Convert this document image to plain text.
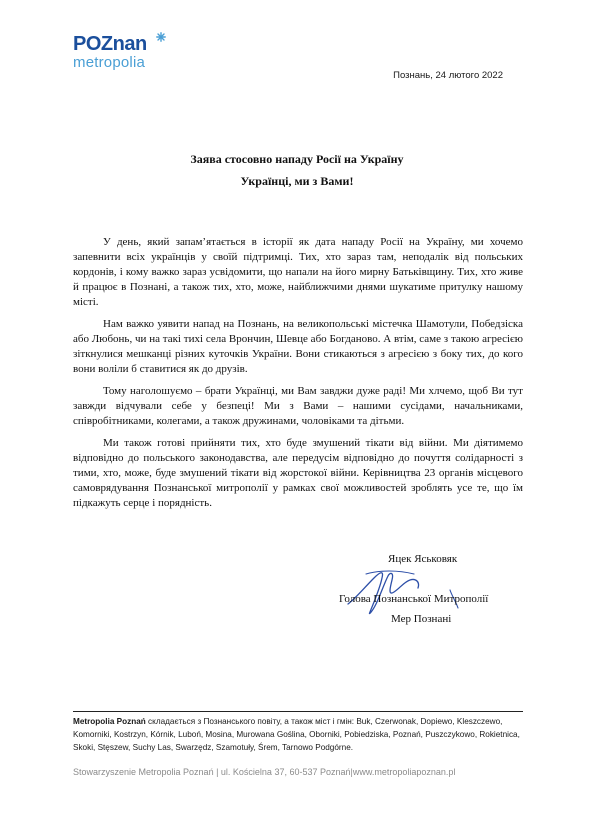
POZnan
metropolia
Познань, 24 лютого 2022
Заява стосовно нападу Росії на Україну
Українці, ми з Вами!

У день, який запам’ятається в історії як дата нападу Росії на Україну, ми хочемо запевнити всіх українців у своїй підтримці. Тих, хто зараз там, неподалік від польських кордонів, і кому важко зараз усвідомити, що напали на його мирну Батьківщину. Тих, хто живе й працює в Познані, а також тих, хто, може, найближчими днями шукатиме притулку нашому місті.

Нам важко уявити напад на Познань, на великопольські містечка Шамотули, Победзіска або Любонь, чи на такі тихі села Врончин, Шевце або Богданово. А втім, саме з такою агресією зіткнулися мешканці різних куточків України. Вони стикаються з агресією з боку тих, до кого вони воліли б ставитися як до друзів.

Тому наголошуємо – брати Українці, ми Вам завджи дуже раді! Ми хлчемо, щоб Ви тут завжди відчували себе у безпеці! Ми з Вами – нашими сусідами, начальниками, співробітниками, колегами, а також дружинами, чоловіками та дітьми.

Ми також готові прийняти тих, хто буде змушений тікати від війни. Ми діятимемо відповідно до польського законодавства, але передусім відповідно до почуття солідарності з тими, хто, може, буде змушений тікати від жорстокої війни. Керівництва 23 органів місцевого самоврядування Познанської митрополії у рамках свої можливостей зроблять усе те, що їм підкажуть серце і порядність.

Яцек Яськовяк
Голова Познанської Митрополії
Мер Познані
Metropolia Poznań складається з Познанського повіту, а також міст і гмін: Buk, Czerwonak, Dopiewo, Kleszczewo, Komorniki, Kostrzyn, Kórnik, Luboń, Mosina, Murowana Goślina, Oborniki, Pobiedziska, Poznań, Puszczykowo, Rokietnica, Skoki, Stęszew, Suchy Las, Swarzędz, Szamotuły, Śrem, Tarnowo Podgórne.
Stowarzyszenie Metropolia Poznań | ul. Kościelna 37, 60-537 Poznań|www.metropoliapoznan.pl
